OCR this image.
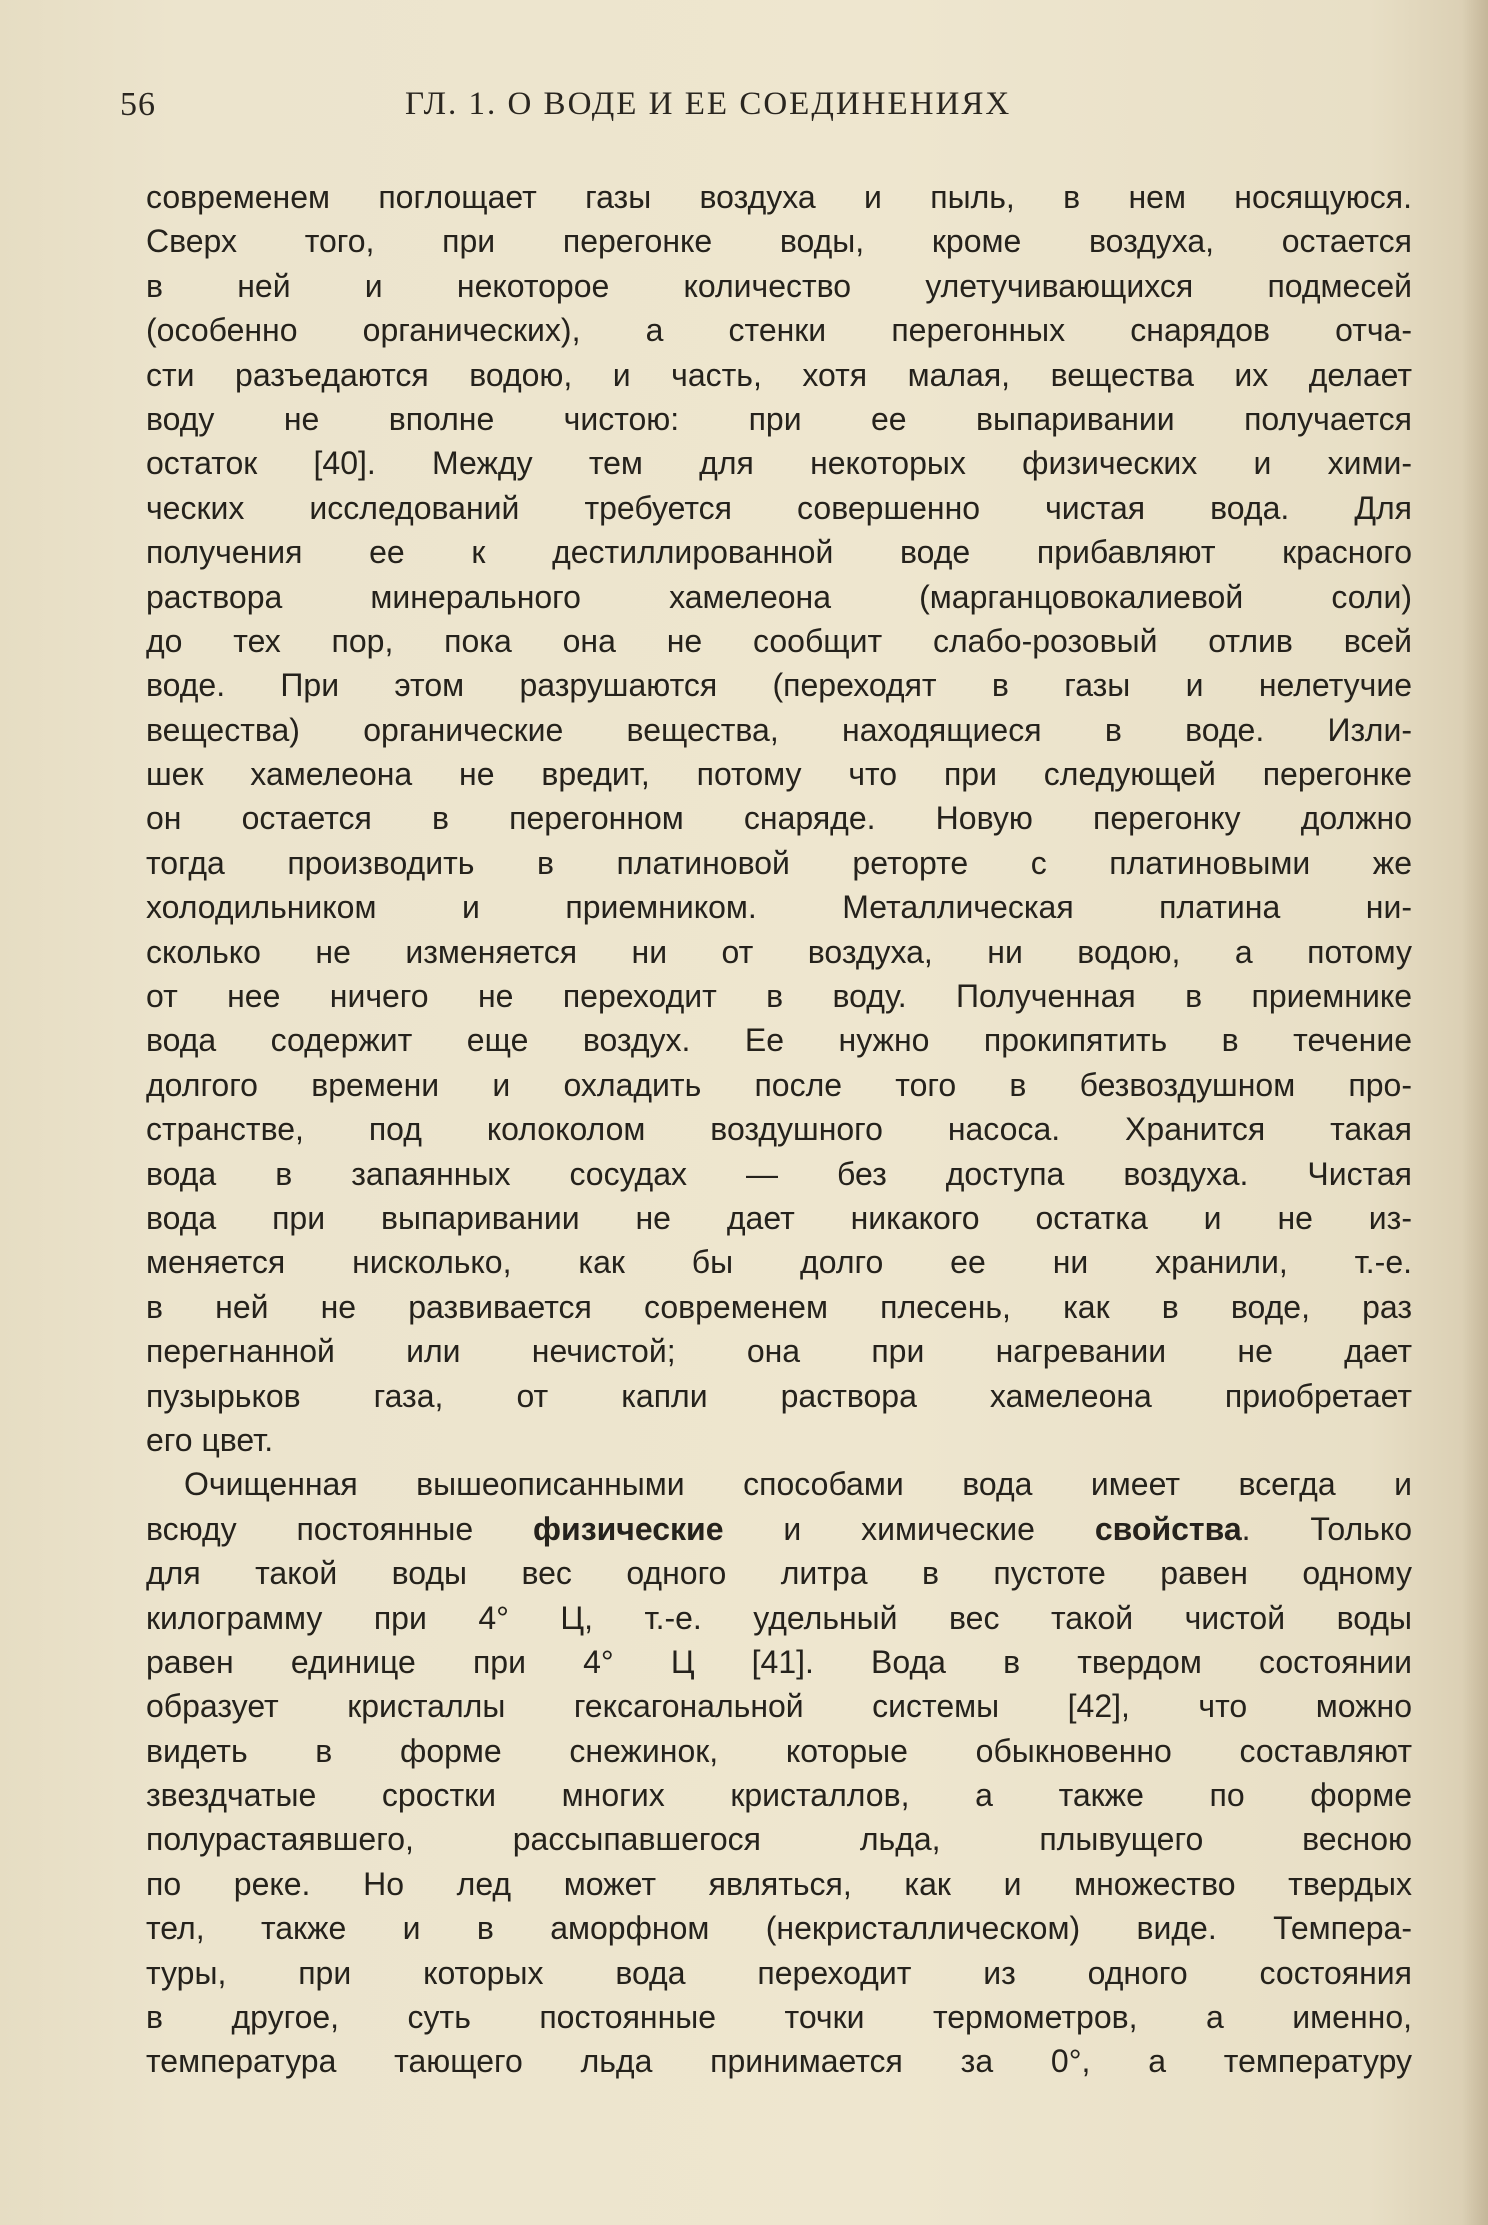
56	ГЛ. 1. О ВОДЕ И ЕЕ СОЕДИНЕНИЯХ
современем поглощает газы воздуха и пыль, в нем носящуюся.
Сверх того, при перегонке воды, кроме воздуха, остается
в ней и некоторое количество улетучивающихся подмесей
(особенно органических), а стенки перегонных снарядов отча-
сти разъедаются водою, и часть, хотя малая, вещества их делает
воду не вполне чистою: при ее выпаривании получается
остаток [40]. Между тем для некоторых физических и хими-
ческих исследований требуется совершенно чистая вода. Для
получения ее к дестиллированной воде прибавляют красного
раствора минерального хамелеона (марганцовокалиевой соли)
до тех пор, пока она не сообщит слабо-розовый отлив всей
воде. При этом разрушаются (переходят в газы и нелетучие
вещества) органические вещества, находящиеся в воде. Изли-
шек хамелеона не вредит, потому что при следующей перегонке
он остается в перегонном снаряде. Новую перегонку должно
тогда производить в платиновой реторте с платиновыми же
холодильником и приемником. Металлическая платина ни-
сколько не изменяется ни от воздуха, ни водою, а потому
от нее ничего не переходит в воду. Полученная в приемнике
вода содержит еще воздух. Ее нужно прокипятить в течение
долгого времени и охладить после того в безвоздушном про-
странстве, под колоколом воздушного насоса. Хранится такая
вода в запаянных сосудах — без доступа воздуха. Чистая
вода при выпаривании не дает никакого остатка и не из-
меняется нисколько, как бы долго ее ни хранили, т.-е.
в ней не развивается современем плесень, как в воде, раз
перегнанной или нечистой; она при нагревании не дает
пузырьков газа, от капли раствора хамелеона приобретает
его цвет.
Очищенная вышеописанными способами вода имеет всегда и
всюду постоянные физические и химические свойства. Только
для такой воды вес одного литра в пустоте равен одному
килограмму при 4° Ц, т.-е. удельный вес такой чистой воды
равен единице при 4° Ц [41]. Вода в твердом состоянии
образует кристаллы гексагональной системы [42], что можно
видеть в форме снежинок, которые обыкновенно составляют
звездчатые сростки многих кристаллов, а также по форме
полурастаявшего, рассыпавшегося льда, плывущего весною
по реке. Но лед может являться, как и множество твердых
тел, также и в аморфном (некристаллическом) виде. Темпера-
туры, при которых вода переходит из одного состояния
в другое, суть постоянные точки термометров, а именно,
температура тающего льда принимается за 0°, а температуру
